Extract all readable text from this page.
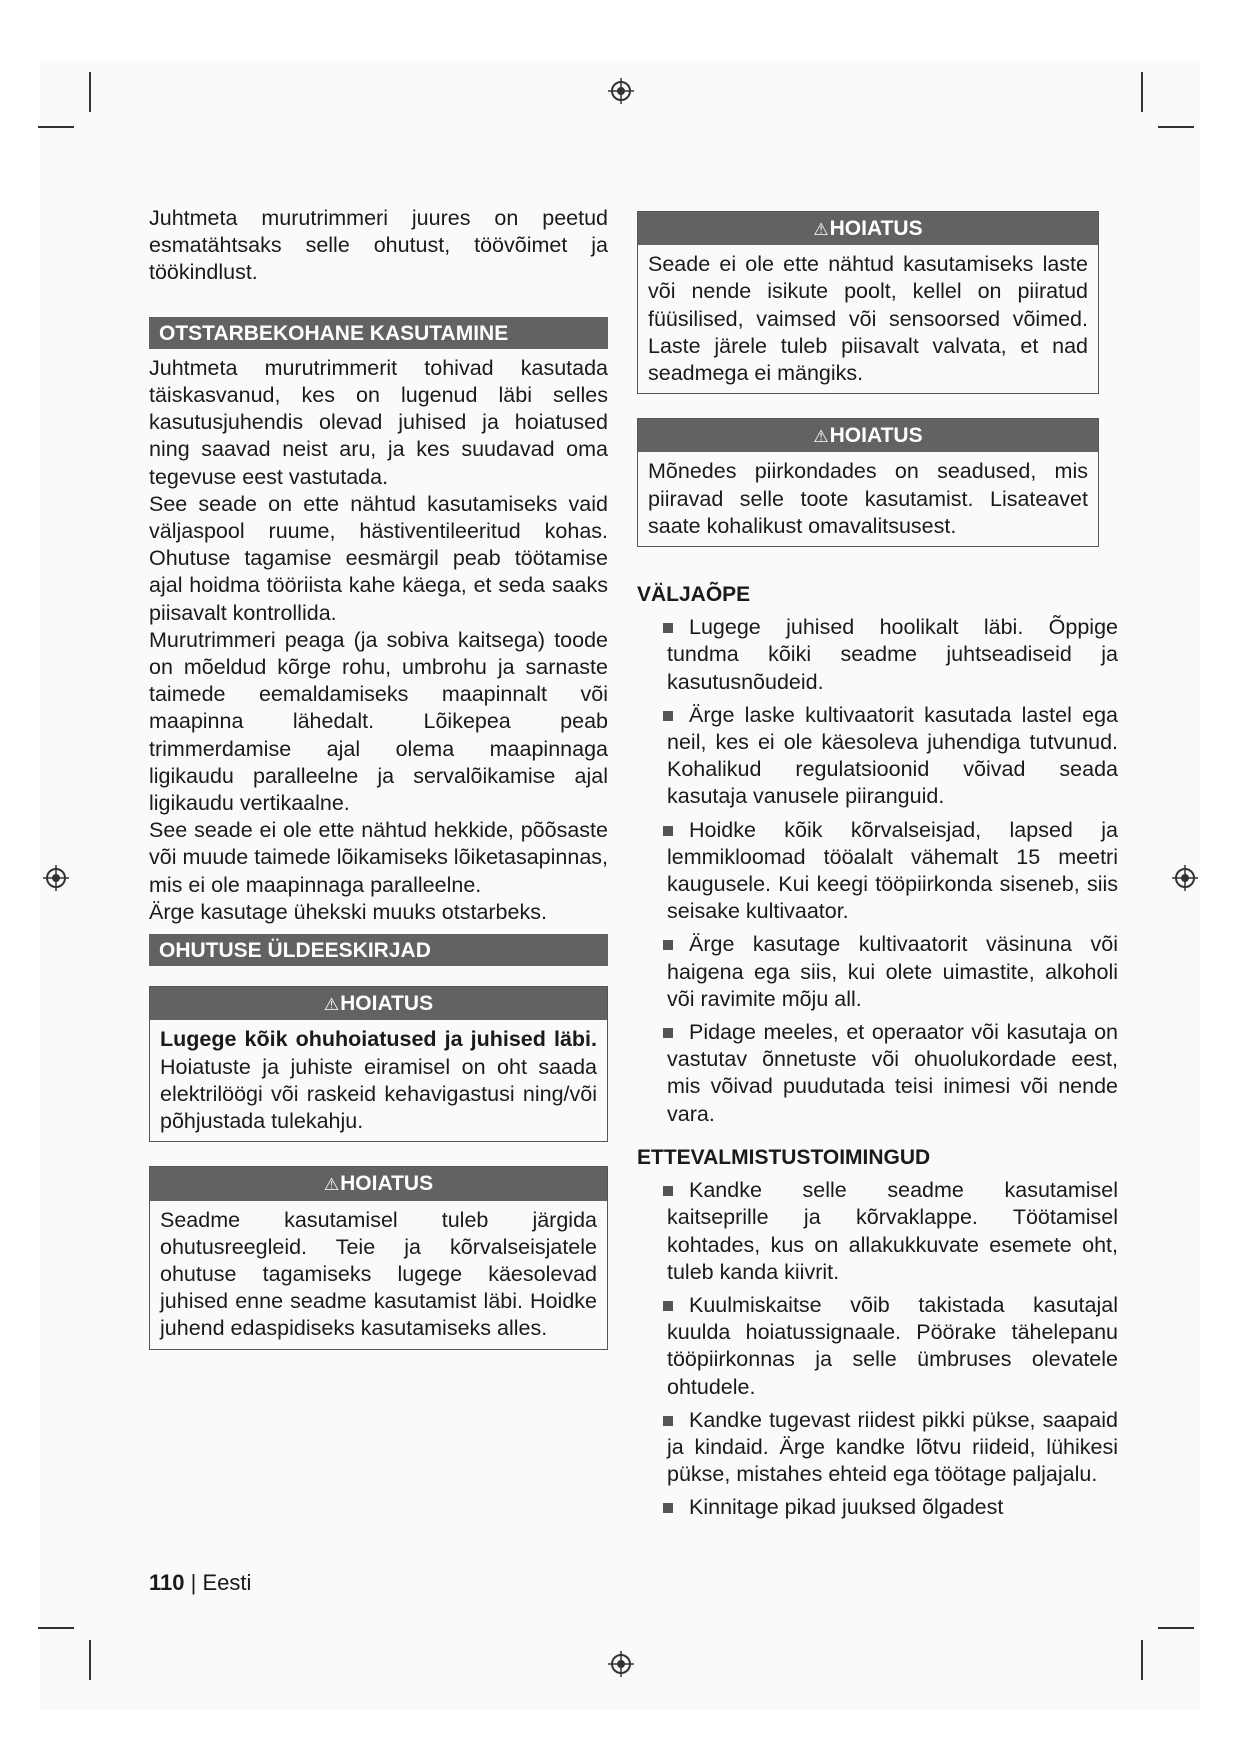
Juhtmeta murutrimmeri juures on peetud esmatähtsaks selle ohutust, töövõimet ja töökindlust.

OTSTARBEKOHANE KASUTAMINE

Juhtmeta murutrimmerit tohivad kasutada täiskasvanud, kes on lugenud läbi selles kasutusjuhendis olevad juhised ja hoiatused ning saavad neist aru, ja kes suudavad oma tegevuse eest vastutada.

See seade on ette nähtud kasutamiseks vaid väljaspool ruume, hästiventileeritud kohas. Ohutuse tagamise eesmärgil peab töötamise ajal hoidma tööriista kahe käega, et seda saaks piisavalt kontrollida.

Murutrimmeri peaga (ja sobiva kaitsega) toode on mõeldud kõrge rohu, umbrohu ja sarnaste taimede eemaldamiseks maapinnalt või maapinna lähedalt. Lõikepea peab trimmerdamise ajal olema maapinnaga ligikaudu paralleelne ja servalõikamise ajal ligikaudu vertikaalne.

See seade ei ole ette nähtud hekkide, põõsaste või muude taimede lõikamiseks lõiketasapinnas, mis ei ole maapinnaga paralleelne.

Ärge kasutage ühekski muuks otstarbeks.

OHUTUSE ÜLDEESKIRJAD
⚠HOIATUS
Lugege kõik ohuhoiatused ja juhised läbi. Hoiatuste ja juhiste eiramisel on oht saada elektrilöögi või raskeid kehavigastusi ning/või põhjustada tulekahju.
⚠HOIATUS
Seadme kasutamisel tuleb järgida ohutusreegleid. Teie ja kõrvalseisjatele ohutuse tagamiseks lugege käesolevad juhised enne seadme kasutamist läbi. Hoidke juhend edaspidiseks kasutamiseks alles.
⚠HOIATUS
Seade ei ole ette nähtud kasutamiseks laste või nende isikute poolt, kellel on piiratud füüsilised, vaimsed või sensoorsed võimed. Laste järele tuleb piisavalt valvata, et nad seadmega ei mängiks.
⚠HOIATUS
Mõnedes piirkondades on seadused, mis piiravad selle toote kasutamist. Lisateavet saate kohalikust omavalitsusest.
VÄLJAÕPE
Lugege juhised hoolikalt läbi. Õppige tundma kõiki seadme juhtseadiseid ja kasutusnõudeid.
Ärge laske kultivaatorit kasutada lastel ega neil, kes ei ole käesoleva juhendiga tutvunud. Kohalikud regulatsioonid võivad seada kasutaja vanusele piiranguid.
Hoidke kõik kõrvalseisjad, lapsed ja lemmikloomad tööalalt vähemalt 15 meetri kaugusele. Kui keegi tööpiirkonda siseneb, siis seisake kultivaator.
Ärge kasutage kultivaatorit väsinuna või haigena ega siis, kui olete uimastite, alkoholi või ravimite mõju all.
Pidage meeles, et operaator või kasutaja on vastutav õnnetuste või ohuolukordade eest, mis võivad puudutada teisi inimesi või nende vara.
ETTEVALMISTUSTOIMINGUD
Kandke selle seadme kasutamisel kaitseprille ja kõrvaklappe. Töötamisel kohtades, kus on allakukkuvate esemete oht, tuleb kanda kiivrit.
Kuulmiskaitse võib takistada kasutajal kuulda hoiatussignaale. Pöörake tähelepanu tööpiirkonnas ja selle ümbruses olevatele ohtudele.
Kandke tugevast riidest pikki pükse, saapaid ja kindaid. Ärge kandke lõtvu riideid, lühikesi pükse, mistahes ehteid ega töötage paljajalu.
Kinnitage pikad juuksed õlgadest
110 | Eesti
